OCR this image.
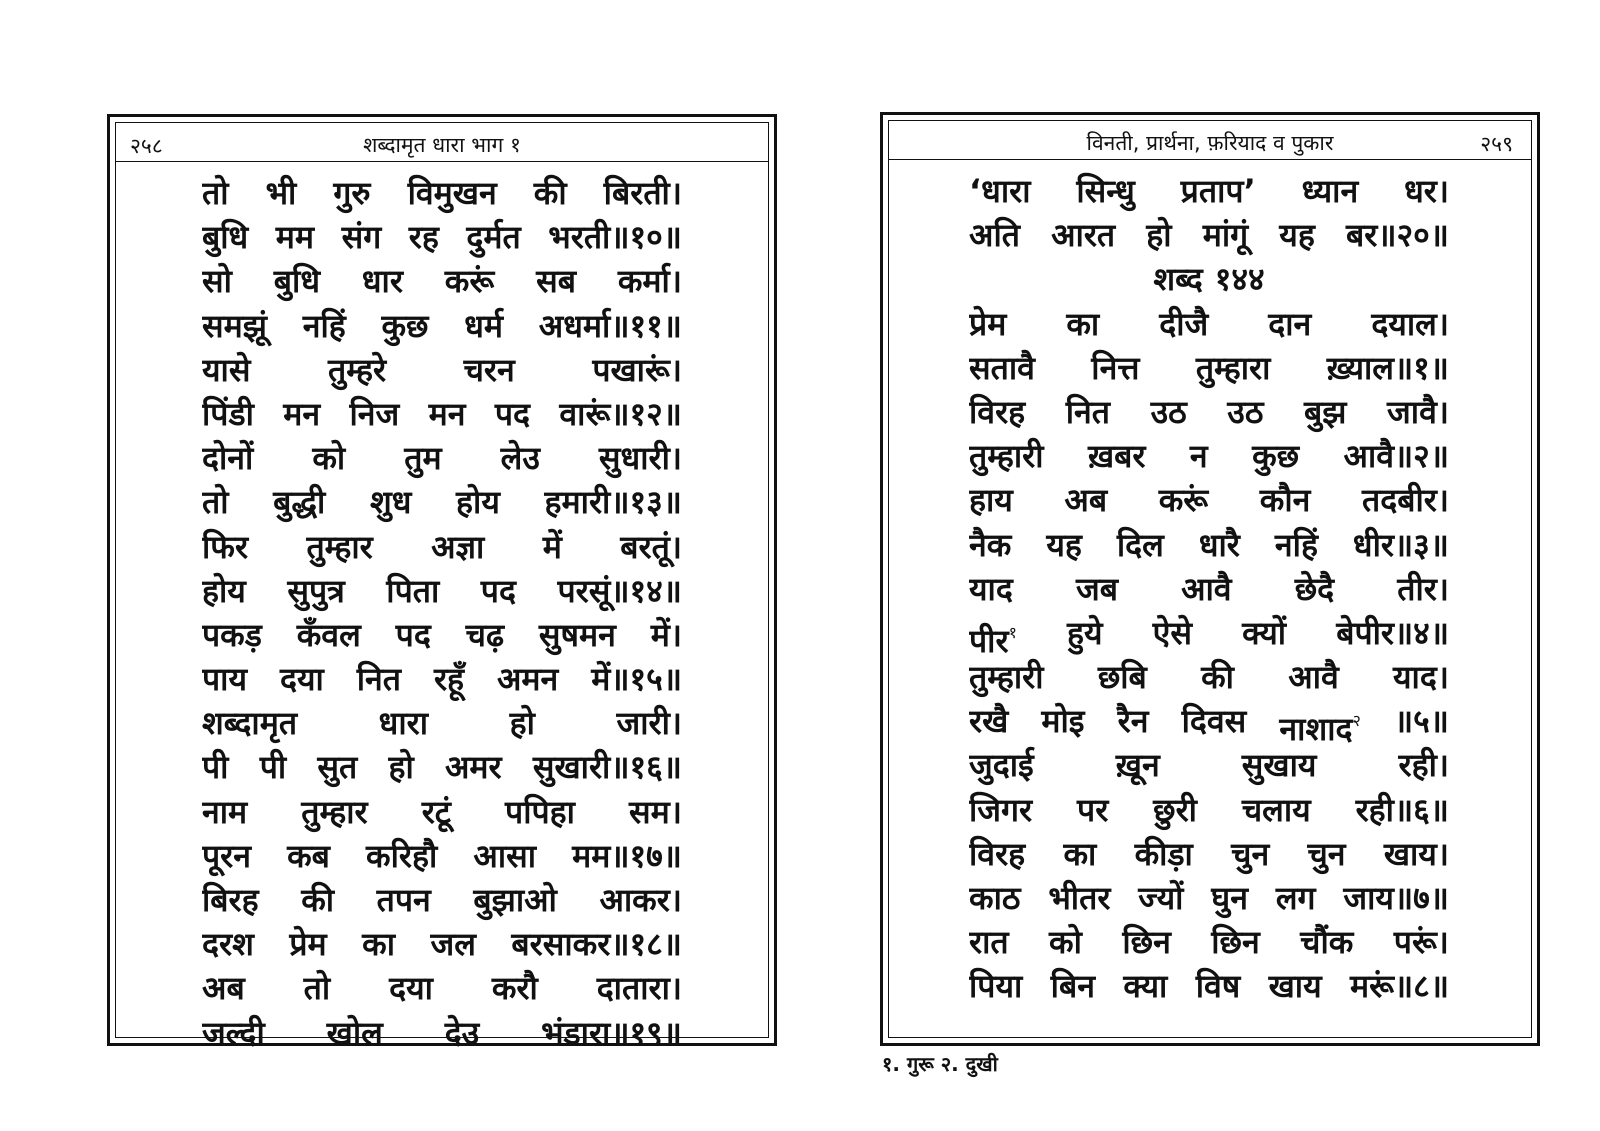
२५८	शब्दामृत धारा भाग १
तो भी गुरु विमुखन की बिरती।
बुधि मम संग रह दुर्मत भरती॥१०॥
सो बुधि धार करूं सब कर्मा।
समझूं नहिं कुछ धर्म अधर्मा॥११॥
यासे तुम्हरे चरन पखारूं।
पिंडी मन निज मन पद वारूं॥१२॥
दोनों को तुम लेउ सुधारी।
तो बुद्धी शुध होय हमारी॥१३॥
फिर तुम्हार अज्ञा में बरतूं।
होय सुपुत्र पिता पद परसूं॥१४॥
पकड़ कँवल पद चढ़ सुषमन में।
पाय दया नित रहूँ अमन में॥१५॥
शब्दामृत	धारा	हो	जारी।
पी पी सुत हो अमर सुखारी॥१६॥
नाम तुम्हार रटूं पपिहा सम।
पूरन कब करिहौ आसा मम॥१७॥
बिरह की तपन बुझाओ आकर।
दरश प्रेम का जल बरसाकर॥१८॥
अब तो दया करौ दातारा।
जल्दी खोल देउ भंडारा॥१९॥
विनती, प्रार्थना, फ़रियाद व पुकार	२५९
‘धारा सिन्धु प्रताप’ ध्यान धर।
अति आरत हो मांगूं यह बर॥२०॥
शब्द १४४
प्रेम का दीजै दान दयाल।
सतावै नित्त तुम्हारा ख़्याल॥१॥
विरह नित उठ उठ बुझ जावै।
तुम्हारी ख़बर न कुछ आवै॥२॥
हाय अब करूं कौन तदबीर।
नैक यह दिल धारै नहिं धीर॥३॥
याद जब आवै छेदै तीर।
पीर$^१$ हुये ऐसे क्यों बेपीर॥४॥
तुम्हारी छबि की आवै याद।
रखै मोइ रैन दिवस नाशाद$^२$ ॥५॥
जुदाई	ख़ून	सुखाय	रही।
जिगर पर छुरी चलाय रही॥६॥
विरह का कीड़ा चुन चुन खाय।
काठ भीतर ज्यों घुन लग जाय॥७॥
रात को छिन छिन चौंक परूं।
पिया बिन क्या विष खाय मरूं॥८॥
१. गुरू २. दुखी
